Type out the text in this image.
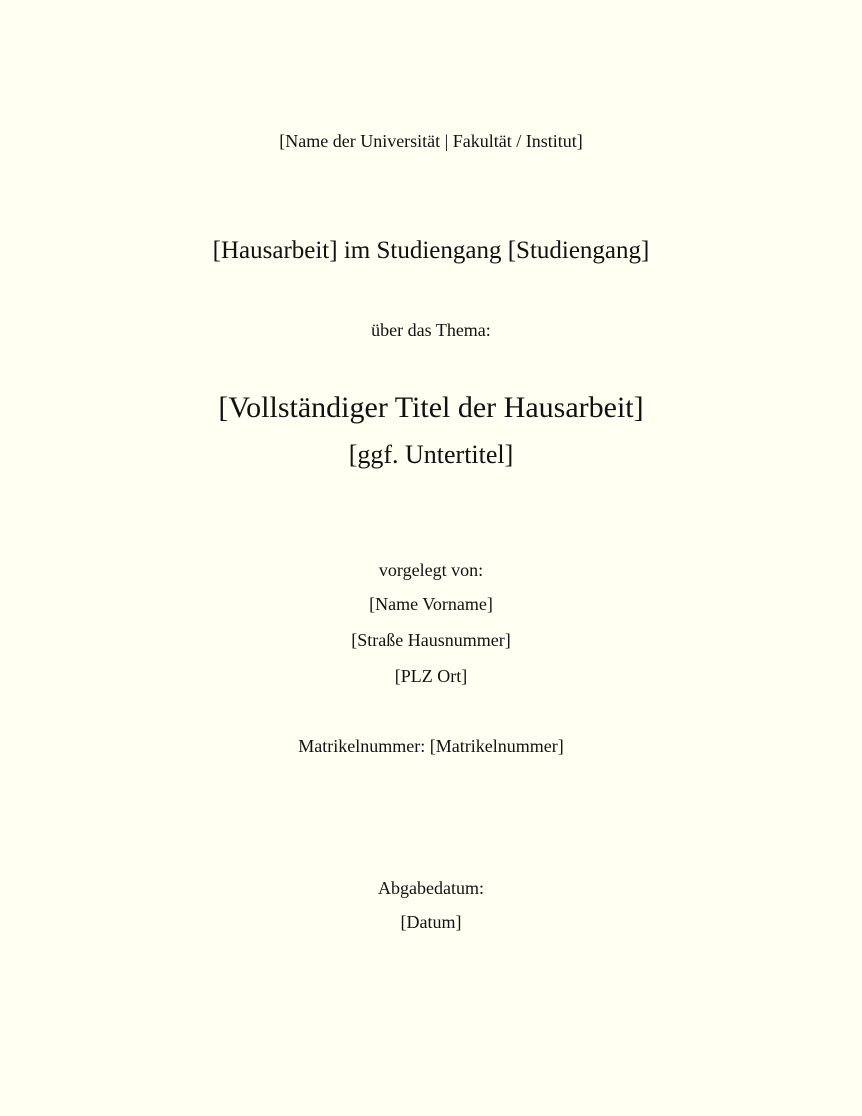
[Name der Universität | Fakultät / Institut]
[Hausarbeit] im Studiengang [Studiengang]
über das Thema:
[Vollständiger Titel der Hausarbeit]
[ggf. Untertitel]
vorgelegt von:
[Name Vorname]
[Straße Hausnummer]
[PLZ Ort]
Matrikelnummer: [Matrikelnummer]
Abgabedatum:
[Datum]
